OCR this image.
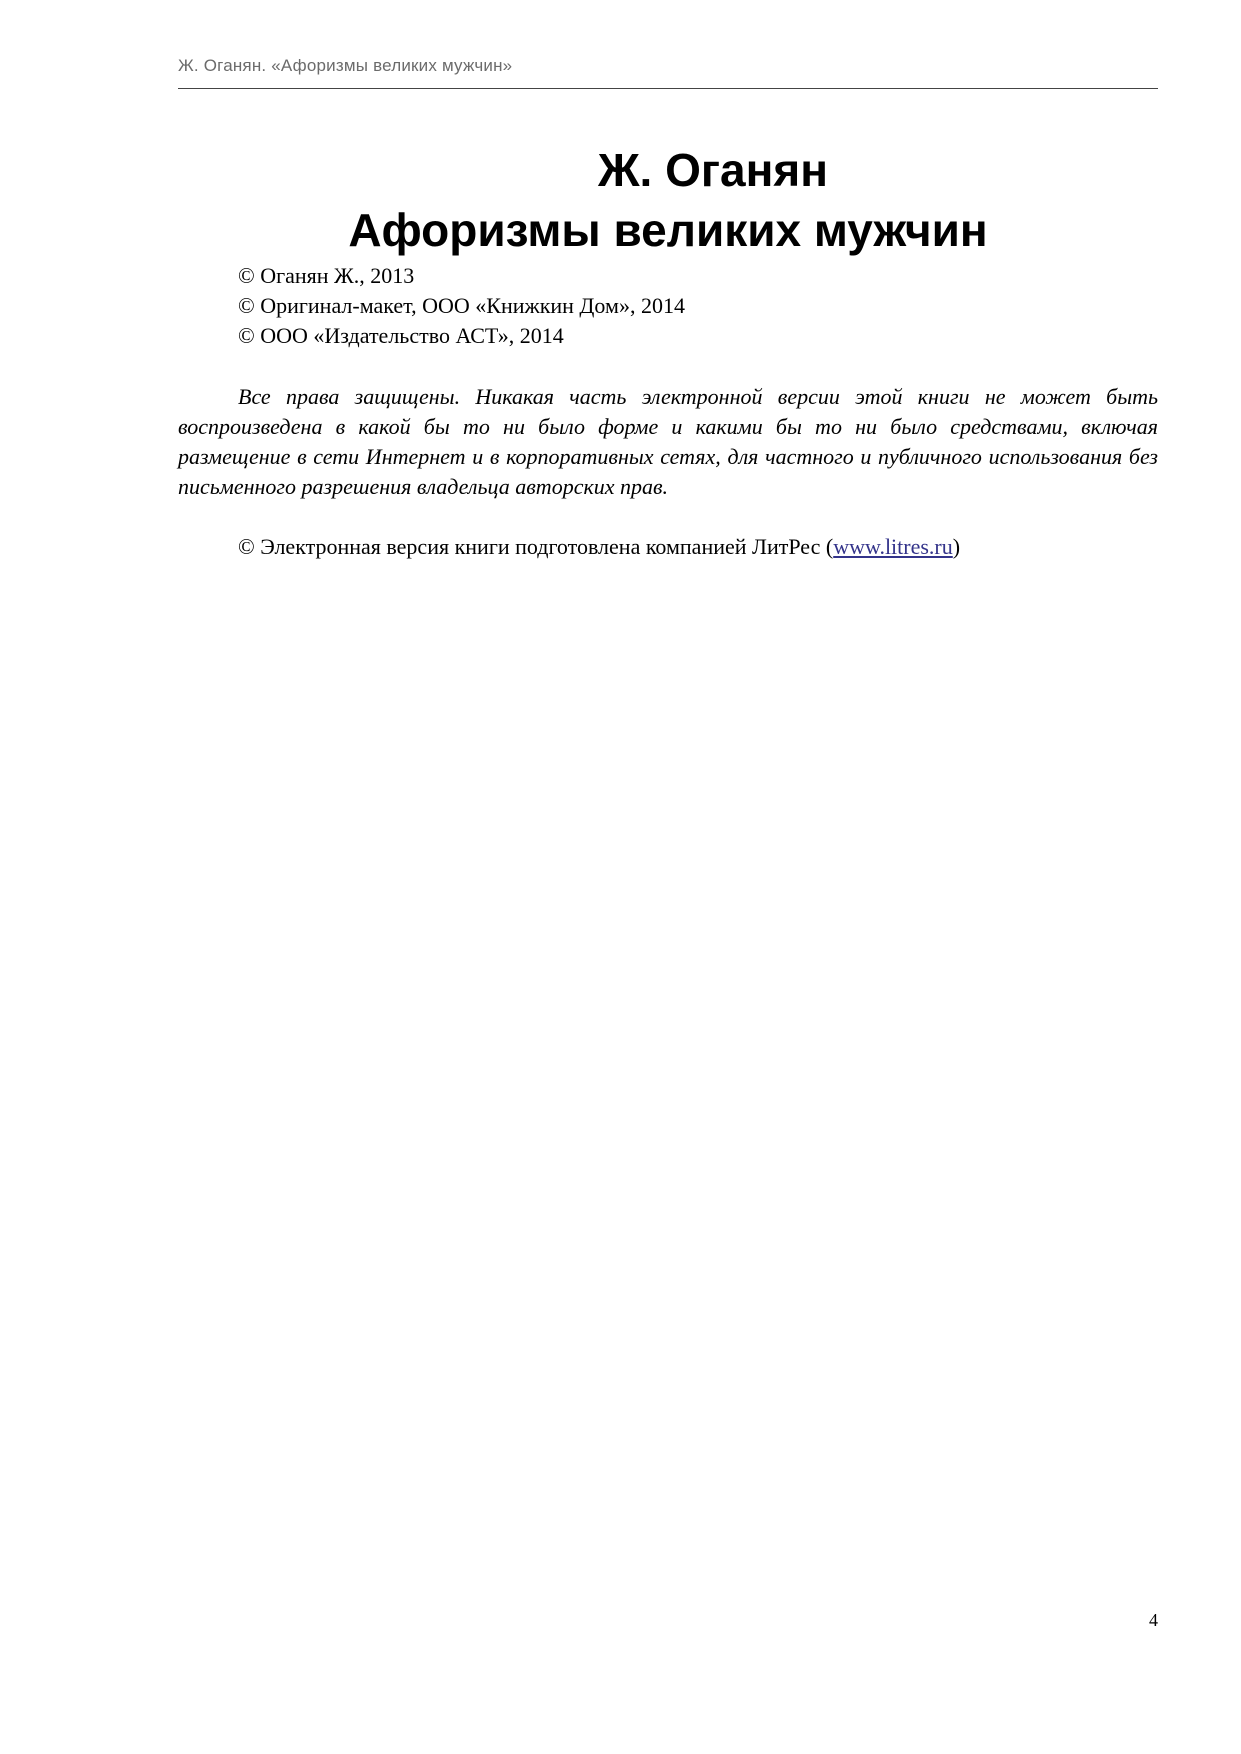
Ж. Оганян. «Афоризмы великих мужчин»
Ж. Оганян
Афоризмы великих мужчин
© Оганян Ж., 2013
© Оригинал-макет, ООО «Книжкин Дом», 2014
© ООО «Издательство АСТ», 2014

Все права защищены. Никакая часть электронной версии этой книги не может быть воспроизведена в какой бы то ни было форме и какими бы то ни было средствами, включая размещение в сети Интернет и в корпоративных сетях, для частного и публичного использования без письменного разрешения владельца авторских прав.

© Электронная версия книги подготовлена компанией ЛитРес (www.litres.ru)
4
